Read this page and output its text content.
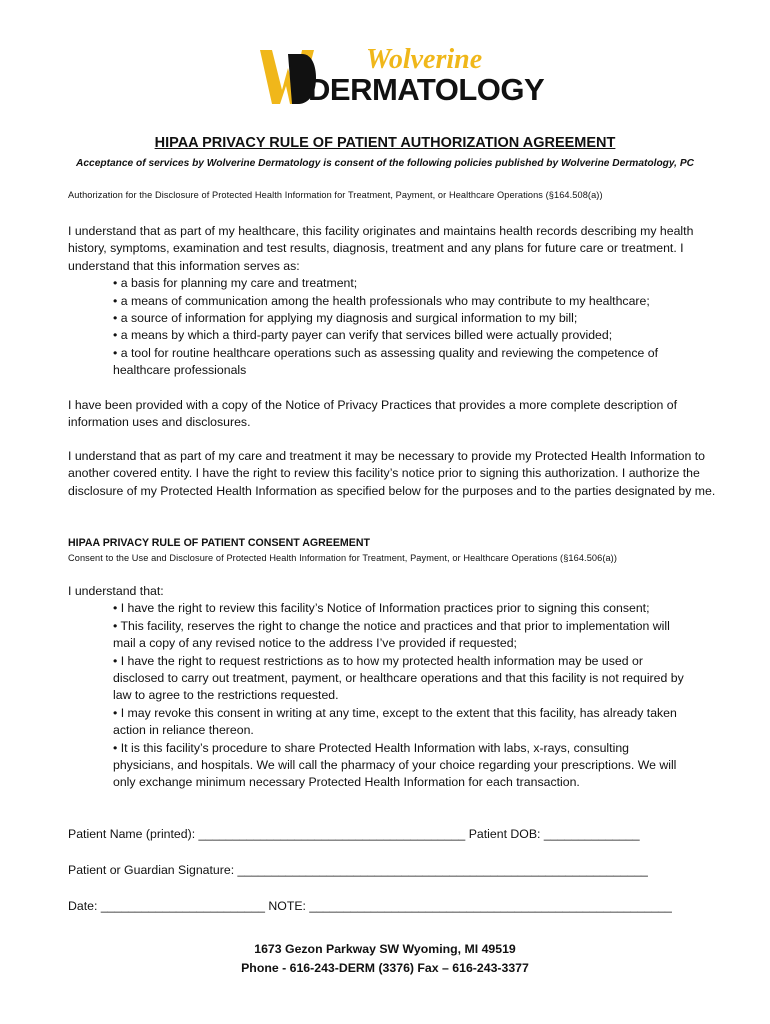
Wolverine
DERMATOLOGY
HIPAA PRIVACY RULE OF PATIENT AUTHORIZATION AGREEMENT
Acceptance of services by Wolverine Dermatology is consent of the following policies published by Wolverine Dermatology, PC
Authorization for the Disclosure of Protected Health Information for Treatment, Payment, or Healthcare Operations (§164.508(a))

I understand that as part of my healthcare, this facility originates and maintains health records describing my health history, symptoms, examination and test results, diagnosis, treatment and any plans for future care or treatment. I understand that this information serves as:

• a basis for planning my care and treatment;
• a means of communication among the health professionals who may contribute to my healthcare;
• a source of information for applying my diagnosis and surgical information to my bill;
• a means by which a third-party payer can verify that services billed were actually provided;
• a tool for routine healthcare operations such as assessing quality and reviewing the competence of healthcare professionals
I have been provided with a copy of the Notice of Privacy Practices that provides a more complete description of information uses and disclosures.
I understand that as part of my care and treatment it may be necessary to provide my Protected Health Information to another covered entity. I have the right to review this facility’s notice prior to signing this authorization. I authorize the disclosure of my Protected Health Information as specified below for the purposes and to the parties designated by me.
HIPAA PRIVACY RULE OF PATIENT CONSENT AGREEMENT
Consent to the Use and Disclosure of Protected Health Information for Treatment, Payment, or Healthcare Operations (§164.506(a))

I understand that:

• I have the right to review this facility’s Notice of Information practices prior to signing this consent;
• This facility, reserves the right to change the notice and practices and that prior to implementation will mail a copy of any revised notice to the address I’ve provided if requested;
• I have the right to request restrictions as to how my protected health information may be used or disclosed to carry out treatment, payment, or healthcare operations and that this facility is not required by law to agree to the restrictions requested.
• I may revoke this consent in writing at any time, except to the extent that this facility, has already taken action in reliance thereon.
• It is this facility’s procedure to share Protected Health Information with labs, x-rays, consulting physicians, and hospitals. We will call the pharmacy of your choice regarding your prescriptions. We will only exchange minimum necessary Protected Health Information for each transaction.
Patient Name (printed): _______________________________________ Patient DOB: ______________
Patient or Guardian Signature: ____________________________________________________________
Date: ________________________ NOTE: _____________________________________________________
1673 Gezon Parkway SW Wyoming, MI 49519
Phone - 616-243-DERM (3376) Fax – 616-243-3377
